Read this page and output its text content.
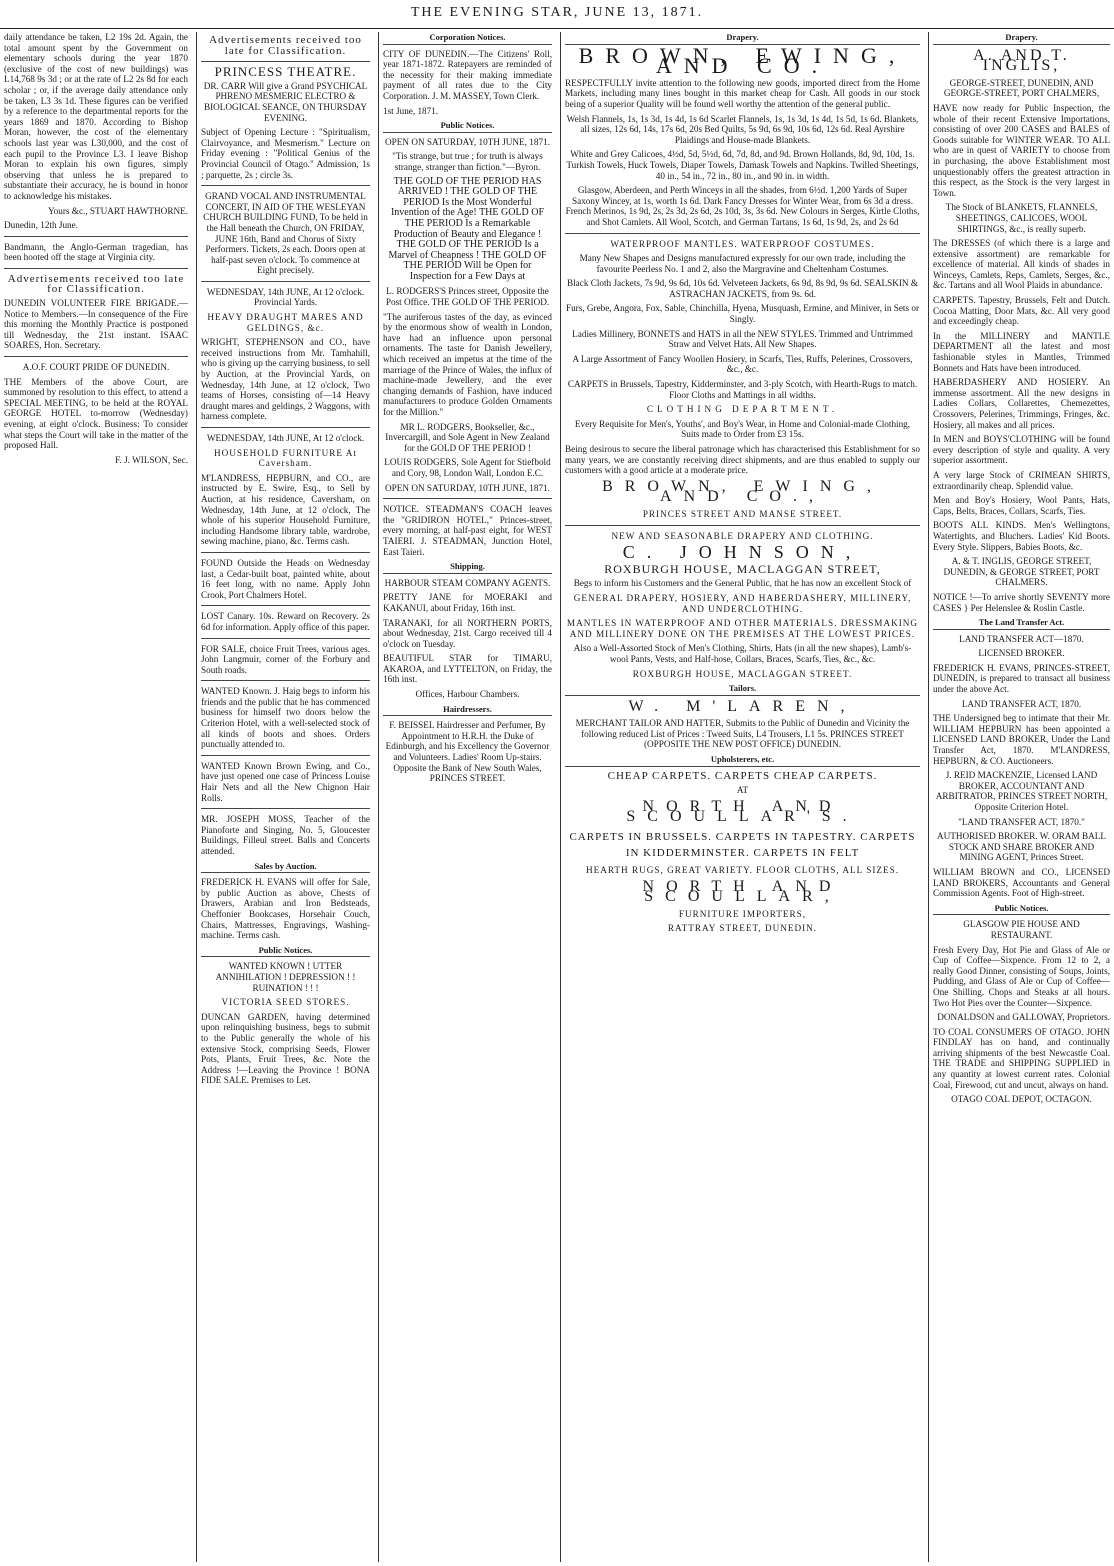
THE EVENING STAR, JUNE 13, 1871.

daily attendance be taken, L2 19s 2d. Again, the total amount spent by the Government on elementary schools during the year 1870 (exclusive of the cost of new buildings) was L14,768 9s 3d ; or at the rate of L2 2s 8d for each scholar ; or, if the average daily attendance only be taken, L3 3s 1d. These figures can be verified by a reference to the departmental reports for the years 1869 and 1870. According to Bishop Moran, however, the cost of the elementary schools last year was L30,000, and the cost of each pupil to the Province L3. I leave Bishop Moran to explain his own figures, simply observing that unless he is prepared to substantiate their accuracy, he is bound in honor to acknowledge his mistakes.

Yours &c., STUART HAWTHORNE.

Dunedin, 12th June.

Bandmann, the Anglo-German tragedian, has been hooted off the stage at Virginia city.

Advertisements received too late for Classification.

DUNEDIN VOLUNTEER FIRE BRIGADE.—Notice to Members.—In consequence of the Fire this morning the Monthly Practice is postponed till Wednesday, the 21st instant. ISAAC SOARES, Hon. Secretary.

A.O.F. COURT PRIDE OF DUNEDIN.

THE Members of the above Court, are summoned by resolution to this effect, to attend a SPECIAL MEETING, to be held at the ROYAL GEORGE HOTEL to-morrow (Wednesday) evening, at eight o'clock. Business: To consider what steps the Court will take in the matter of the proposed Hall.

F. J. WILSON, Sec.

Advertisements received too late for Classification.

PRINCESS THEATRE.

DR. CARR Will give a Grand PSYCHICAL PHRENO MESMERIC ELECTRO & BIOLOGICAL SEANCE, ON THURSDAY EVENING.

Subject of Opening Lecture : "Spiritualism, Clairvoyance, and Mesmerism." Lecture on Friday evening : "Political Genius of the Provincial Council of Otago." Admission, 1s ; parquette, 2s ; circle 3s.

GRAND VOCAL AND INSTRUMENTAL CONCERT, IN AID OF THE WESLEYAN CHURCH BUILDING FUND, To be held in the Hall beneath the Church, ON FRIDAY, JUNE 16th, Band and Chorus of Sixty Performers. Tickets, 2s each. Doors open at half-past seven o'clock. To commence at Eight precisely.

WEDNESDAY, 14th JUNE, At 12 o'clock. Provincial Yards.

HEAVY DRAUGHT MARES AND GELDINGS, &c.

WRIGHT, STEPHENSON and CO., have received instructions from Mr. Tamhahill, who is giving up the carrying business, to sell by Auction, at the Provincial Yards, on Wednesday, 14th June, at 12 o'clock, Two teams of Horses, consisting of—14 Heavy draught mares and geldings, 2 Waggons, with harness complete.

WEDNESDAY, 14th JUNE, At 12 o'clock.

HOUSEHOLD FURNITURE At Caversham.

M'LANDRESS, HEPBURN, and CO., are instructed by E. Swire, Esq., to Sell by Auction, at his residence, Caversham, on Wednesday, 14th June, at 12 o'clock, The whole of his superior Household Furniture, including Handsome library table, wardrobe, sewing machine, piano, &c. Terms cash.

FOUND Outside the Heads on Wednesday last, a Cedar-built boat, painted white, about 16 feet long, with no name. Apply John Crook, Port Chalmers Hotel.

LOST Canary. 10s. Reward on Recovery. 2s 6d for information. Apply office of this paper.

FOR SALE, choice Fruit Trees, various ages. John Langmuir, corner of the Forbury and South roads.

WANTED Known. J. Haig begs to inform his friends and the public that he has commenced business for himself two doors below the Criterion Hotel, with a well-selected stock of all kinds of boots and shoes. Orders punctually attended to.

WANTED Known Brown Ewing, and Co., have just opened one case of Princess Louise Hair Nets and all the New Chignon Hair Rolls.

MR. JOSEPH MOSS, Teacher of the Pianoforte and Singing, No. 5, Gloucester Buildings, Filleul street. Balls and Concerts attended.

Sales by Auction.

FREDERICK H. EVANS will offer for Sale, by public Auction as above, Chests of Drawers, Arabian and Iron Bedsteads, Cheffonier Bookcases, Horsehair Couch, Chairs, Mattresses, Engravings, Washing-machine. Terms cash.

Public Notices.

WANTED KNOWN ! UTTER ANNIHILATION ! DEPRESSION ! ! RUINATION ! ! !

VICTORIA SEED STORES.

DUNCAN GARDEN, having determined upon relinquishing business, begs to submit to the Public generally the whole of his extensive Stock, comprising Seeds, Flower Pots, Plants, Fruit Trees, &c. Note the Address !—Leaving the Province ! BONA FIDE SALE. Premises to Let.

Corporation Notices.

CITY OF DUNEDIN.—The Citizens' Roll, year 1871-1872. Ratepayers are reminded of the necessity for their making immediate payment of all rates due to the City Corporation. J. M. MASSEY, Town Clerk.

1st June, 1871.

Public Notices.

OPEN ON SATURDAY, 10TH JUNE, 1871.

"Tis strange, but true ; for truth is always strange, stranger than fiction."—Byron.

THE GOLD OF THE PERIOD HAS ARRIVED ! THE GOLD OF THE PERIOD Is the Most Wonderful Invention of the Age! THE GOLD OF THE PERIOD Is a Remarkable Production of Beauty and Elegance ! THE GOLD OF THE PERIOD Is a Marvel of Cheapness ! THE GOLD OF THE PERIOD Will be Open for Inspection for a Few Days at

L. RODGERS'S Princes street, Opposite the Post Office. THE GOLD OF THE PERIOD.

"The auriferous tastes of the day, as evinced by the enormous show of wealth in London, have had an influence upon personal ornaments. The taste for Danish Jewellery, which received an impetus at the time of the marriage of the Prince of Wales, the influx of machine-made Jewellery, and the ever changing demands of Fashion, have induced manufacturers to produce Golden Ornaments for the Million."

MR L. RODGERS, Bookseller, &c., Invercargill, and Sole Agent in New Zealand for the GOLD OF THE PERIOD !

LOUIS RODGERS, Sole Agent for Stiefbold and Cory, 98, London Wall, London E.C.

OPEN ON SATURDAY, 10TH JUNE, 1871.

NOTICE. STEADMAN'S COACH leaves the "GRIDIRON HOTEL," Princes-street, every morning, at half-past eight, for WEST TAIERI. J. STEADMAN, Junction Hotel, East Taieri.

Shipping.

HARBOUR STEAM COMPANY AGENTS.

PRETTY JANE for MOERAKI and KAKANUI, about Friday, 16th inst.

TARANAKI, for all NORTHERN PORTS, about Wednesday, 21st. Cargo received till 4 o'clock on Tuesday.

BEAUTIFUL STAR for TIMARU, AKAROA, and LYTTELTON, on Friday, the 16th inst.

Offices, Harbour Chambers.

Hairdressers.

F. BEISSEL Hairdresser and Perfumer, By Appointment to H.R.H. the Duke of Edinburgh, and his Excellency the Governor and Volunteers. Ladies' Room Up-stairs. Opposite the Bank of New South Wales, PRINCES STREET.

Drapery.
BROWN, EWING, AND CO.

RESPECTFULLY invite attention to the following new goods, imported direct from the Home Markets, including many lines bought in this market cheap for Cash. All goods in our stock being of a superior Quality will be found well worthy the attention of the general public.

Welsh Flannels, 1s, 1s 3d, 1s 4d, 1s 6d Scarlet Flannels, 1s, 1s 3d, 1s 4d, 1s 5d, 1s 6d. Blankets, all sizes, 12s 6d, 14s, 17s 6d, 20s Bed Quilts, 5s 9d, 6s 9d, 10s 6d, 12s 6d. Real Ayrshire Plaidings and House-made Blankets.

White and Grey Calicoes, 4½d, 5d, 5½d, 6d, 7d, 8d, and 9d. Brown Hollands, 8d, 9d, 10d, 1s. Turkish Towels, Huck Towels, Diaper Towels, Damask Towels and Napkins. Twilled Sheetings, 40 in., 54 in., 72 in., 80 in., and 90 in. in width.

Glasgow, Aberdeen, and Perth Winceys in all the shades, from 6½d. 1,200 Yards of Super Saxony Wincey, at 1s, worth 1s 6d. Dark Fancy Dresses for Winter Wear, from 6s 3d a dress. French Merinos, 1s 9d, 2s, 2s 3d, 2s 6d, 2s 10d, 3s, 3s 6d. New Colours in Serges, Kirtle Cloths, and Shot Camlets. All Wool, Scotch, and German Tartans, 1s 6d, 1s 9d, 2s, and 2s 6d

WATERPROOF MANTLES. WATERPROOF COSTUMES.

Many New Shapes and Designs manufactured expressly for our own trade, including the favourite Peerless No. 1 and 2, also the Margravine and Cheltenham Costumes.

Black Cloth Jackets, 7s 9d, 9s 6d, 10s 6d. Velveteen Jackets, 6s 9d, 8s 9d, 9s 6d. SEALSKIN & ASTRACHAN JACKETS, from 9s. 6d.

Furs, Grebe, Angora, Fox, Sable, Chinchilla, Hyena, Musquash, Ermine, and Miniver, in Sets or Singly.

Ladies Millinery, BONNETS and HATS in all the NEW STYLES. Trimmed and Untrimmed Straw and Velvet Hats. All New Shapes.

A Large Assortment of Fancy Woollen Hosiery, in Scarfs, Ties, Ruffs, Pelerines, Crossovers, &c., &c.

CARPETS in Brussels, Tapestry, Kidderminster, and 3-ply Scotch, with Hearth-Rugs to match. Floor Cloths and Mattings in all widths.

CLOTHING DEPARTMENT.

Every Requisite for Men's, Youths', and Boy's Wear, in Home and Colonial-made Clothing, Suits made to Order from £3 15s.

Being desirous to secure the liberal patronage which has characterised this Establishment for so many years, we are constantly receiving direct shipments, and are thus enabled to supply our customers with a good article at a moderate price.

BROWN, EWING, AND CO.,

PRINCES STREET AND MANSE STREET.

NEW AND SEASONABLE DRAPERY AND CLOTHING.

C. JOHNSON,

ROXBURGH HOUSE, MACLAGGAN STREET,

Begs to inform his Customers and the General Public, that he has now an excellent Stock of

GENERAL DRAPERY, HOSIERY, AND HABERDASHERY, MILLINERY, AND UNDERCLOTHING.

MANTLES IN WATERPROOF AND OTHER MATERIALS. DRESSMAKING AND MILLINERY DONE ON THE PREMISES AT THE LOWEST PRICES.

Also a Well-Assorted Stock of Men's Clothing, Shirts, Hats (in all the new shapes), Lamb's-wool Pants, Vests, and Half-hose, Collars, Braces, Scarfs, Ties, &c., &c.

ROXBURGH HOUSE, MACLAGGAN STREET.

Tailors.
W. M'LAREN,

MERCHANT TAILOR AND HATTER, Submits to the Public of Dunedin and Vicinity the following reduced List of Prices : Tweed Suits, L4 Trousers, L1 5s. PRINCES STREET (OPPOSITE THE NEW POST OFFICE) DUNEDIN.

Upholsterers, etc.

CHEAP CARPETS. CARPETS CHEAP CARPETS.

AT

NORTH AND SCOULLAR'S.

CARPETS IN BRUSSELS. CARPETS IN TAPESTRY. CARPETS IN KIDDERMINSTER. CARPETS IN FELT

HEARTH RUGS, GREAT VARIETY. FLOOR CLOTHS, ALL SIZES.

NORTH AND SCOULLAR,

FURNITURE IMPORTERS,

RATTRAY STREET, DUNEDIN.

Drapery.
A. AND T. INGLIS,

GEORGE-STREET, DUNEDIN, AND GEORGE-STREET, PORT CHALMERS,

HAVE now ready for Public Inspection, the whole of their recent Extensive Importations, consisting of over 200 CASES and BALES of Goods suitable for WINTER WEAR. TO ALL who are in quest of VARIETY to choose from in purchasing, the above Establishment most unquestionably offers the greatest attraction in this respect, as the Stock is the very largest in Town.

The Stock of BLANKETS, FLANNELS, SHEETINGS, CALICOES, WOOL SHIRTINGS, &c., is really superb.

The DRESSES (of which there is a large and extensive assortment) are remarkable for excellence of material. All kinds of shades in Winceys, Camlets, Reps, Camlets, Serges, &c., &c. Tartans and all Wool Plaids in abundance.

CARPETS. Tapestry, Brussels, Felt and Dutch. Cocoa Matting, Door Mats, &c. All very good and exceedingly cheap.

In the MILLINERY and MANTLE DEPARTMENT all the latest and most fashionable styles in Mantles, Trimmed Bonnets and Hats have been introduced.

HABERDASHERY AND HOSIERY. An immense assortment. All the new designs in Ladies Collars, Collarettes, Chemezettes, Crossovers, Pelerines, Trimmings, Fringes, &c. Hosiery, all makes and all prices.

In MEN and BOYS'CLOTHING will be found every description of style and quality. A very superior assortment.

A very large Stock of CRIMEAN SHIRTS, extraordinarily cheap. Splendid value.

Men and Boy's Hosiery, Wool Pants, Hats, Caps, Belts, Braces, Collars, Scarfs, Ties.

BOOTS ALL KINDS. Men's Wellingtons, Watertights, and Bluchers. Ladies' Kid Boots. Every Style. Slippers, Babies Boots, &c.

A. & T. INGLIS, GEORGE STREET, DUNEDIN, & GEORGE STREET, PORT CHALMERS.

NOTICE !—To arrive shortly SEVENTY more CASES } Per Helenslee & Roslin Castle.

The Land Transfer Act.

LAND TRANSFER ACT—1870.

LICENSED BROKER.

FREDERICK H. EVANS, PRINCES-STREET, DUNEDIN, is prepared to transact all business under the above Act.

LAND TRANSFER ACT, 1870.

THE Undersigned beg to intimate that their Mr. WILLIAM HEPBURN has been appointed a LICENSED LAND BROKER, Under the Land Transfer Act, 1870. M'LANDRESS, HEPBURN, & CO. Auctioneers.

J. REID MACKENZIE, Licensed LAND BROKER, ACCOUNTANT AND ARBITRATOR, PRINCES STREET NORTH, Opposite Criterion Hotel.

"LAND TRANSFER ACT, 1870."

AUTHORISED BROKER. W. ORAM BALL STOCK AND SHARE BROKER AND MINING AGENT, Princes Street.

WILLIAM BROWN and CO., LICENSED LAND BROKERS, Accountants and General Commission Agents. Foot of High-street.

Public Notices.

GLASGOW PIE HOUSE AND RESTAURANT.

Fresh Every Day, Hot Pie and Glass of Ale or Cup of Coffee—Sixpence. From 12 to 2, a really Good Dinner, consisting of Soups, Joints, Pudding, and Glass of Ale or Cup of Coffee—One Shilling. Chops and Steaks at all hours. Two Hot Pies over the Counter—Sixpence.

DONALDSON and GALLOWAY, Proprietors.

TO COAL CONSUMERS OF OTAGO. JOHN FINDLAY has on hand, and continually arriving shipments of the best Newcastle Coal. THE TRADE and SHIPPING SUPPLIED in any quantity at lowest current rates. Colonial Coal, Firewood, cut and uncut, always on hand.

OTAGO COAL DEPOT, OCTAGON.
